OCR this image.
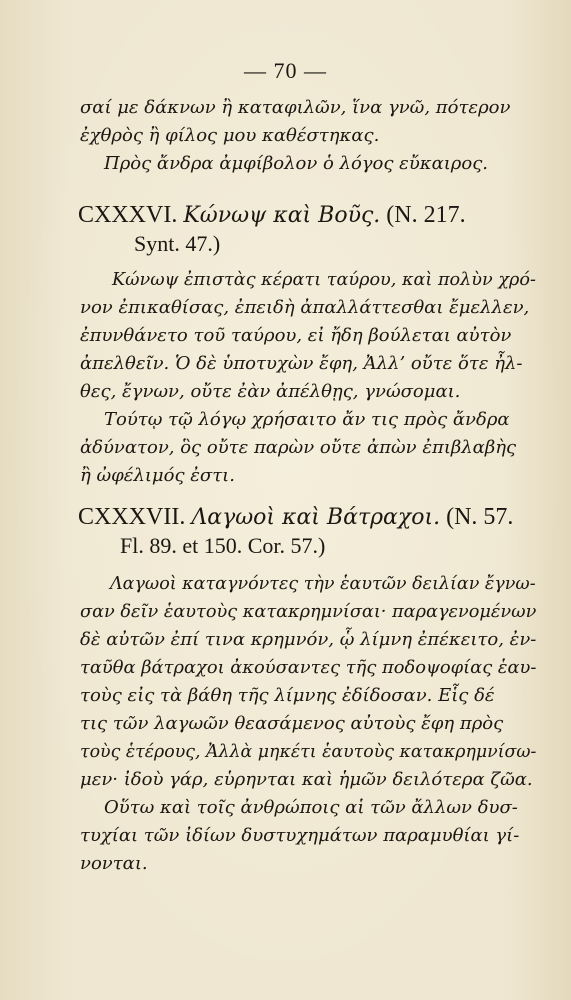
— 70 —
σαί με δάκνων ἢ καταφιλῶν, ἵνα γνῶ, πότερον
ἐχθρὸς ἢ φίλος μου καθέστηκας.
Πρὸς ἄνδρα ἀμφίβολον ὁ λόγος εὔκαιρος.
CXXXVI. Κώνωψ καὶ Βοῦς. (N. 217.
Synt. 47.)
Κώνωψ ἐπιστὰς κέρατι ταύρου, καὶ πολὺν χρό-
νον ἐπικαθίσας, ἐπειδὴ ἀπαλλάττεσθαι ἔμελλεν,
ἐπυνθάνετο τοῦ ταύρου, εἰ ἤδη βούλεται αὐτὸν
ἀπελθεῖν. Ὁ δὲ ὑποτυχὼν ἔφη, Ἀλλ’ οὔτε ὅτε ἦλ-
θες, ἔγνων, οὔτε ἐὰν ἀπέλθῃς, γνώσομαι.
Τούτῳ τῷ λόγῳ χρήσαιτο ἄν τις πρὸς ἄνδρα
ἀδύνατον, ὃς οὔτε παρὼν οὔτε ἀπὼν ἐπιβλαβὴς
ἢ ὠφέλιμός ἐστι.
CXXXVII. Λαγωοὶ καὶ Βάτραχοι. (N. 57.
Fl. 89. et 150. Cor. 57.)
Λαγωοὶ καταγνόντες τὴν ἑαυτῶν δειλίαν ἔγνω-
σαν δεῖν ἑαυτοὺς κατακρημνίσαι· παραγενομένων
δὲ αὐτῶν ἐπί τινα κρημνόν, ᾧ λίμνη ἐπέκειτο, ἐν-
ταῦθα βάτραχοι ἀκούσαντες τῆς ποδοψοφίας ἑαυ-
τοὺς εἰς τὰ βάθη τῆς λίμνης ἐδίδοσαν. Εἷς δέ
τις τῶν λαγωῶν θεασάμενος αὐτοὺς ἔφη πρὸς
τοὺς ἑτέρους, Ἀλλὰ μηκέτι ἑαυτοὺς κατακρημνίσω-
μεν· ἰδοὺ γάρ, εὑρηνται καὶ ἡμῶν δειλότερα ζῶα.
Οὕτω καὶ τοῖς ἀνθρώποις αἱ τῶν ἄλλων δυσ-
τυχίαι τῶν ἰδίων δυστυχημάτων παραμυθίαι γί-
νονται.
